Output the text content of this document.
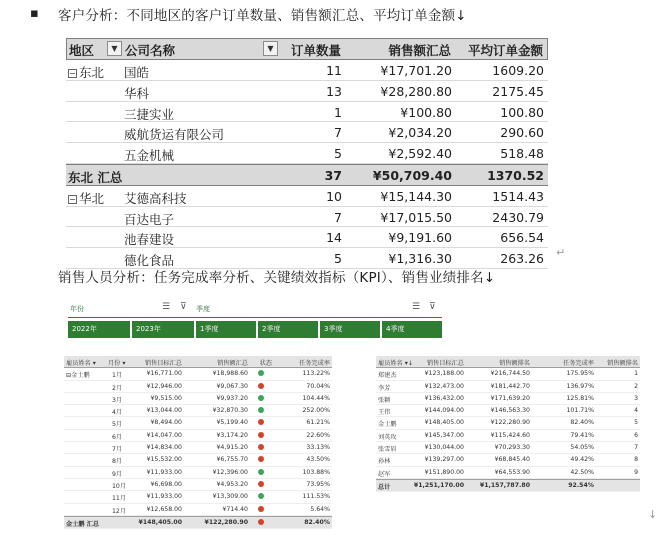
▪ 客户分析：不同地区的客户订单数量、销售额汇总、平均订单金额↓
地区	▼ 公司名称	▼	订单数量	销售额汇总 平均订单金额
− 东北 国皓	11	¥17,701.20	1609.20
华科	13	¥28,280.80	2175.45
三捷实业	1	¥100.80	100.80
威航货运有限公司	7	¥2,034.20	290.60
五金机械	5	¥2,592.40	518.48
东北 汇总	37 ¥50,709.40	1370.52
− 华北 艾德高科技	10	¥15,144.30	1514.43
百达电子	7	¥17,015.50	2430.79
池春建设	14	¥9,191.60	656.54
德化食品	5	¥1,316.30	263.26 ↵
销售人员分析：任务完成率分析、关键绩效指标（KPI）、销售业绩排名↓
年份	☰ ⊽
2022年	2023年
季度	☰ ⊽
1季度	2季度	3季度	4季度
雇员姓名 ▾ 月份 ▾	销售目标汇总	销售额汇总 状态	任务完成率
⊟金士鹏	1月	¥16,771.00	¥18,988.60	113.22%
2月	¥12,946.00	¥9,067.30	70.04%
3月	¥9,515.00	¥9,937.20	104.44%
4月	¥13,044.00	¥32,870.30	252.00%
5月	¥8,494.00	¥5,199.40	61.21%
6月	¥14,047.00	¥3,174.20	22.60%
7月	¥14,834.00	¥4,915.20	33.13%
8月	¥15,532.00	¥6,755.70	43.50%
9月	¥11,933.00	¥12,396.00	103.88%
10月	¥6,698.00	¥4,953.20	73.95%
11月	¥11,933.00	¥13,309.00	111.53%
12月	¥12,658.00	¥714.40	5.64%
金士鹏 汇总	¥148,405.00	¥122,280.90	82.40%
雇员姓名 ▾↓ 销售目标汇总	销售额排名	任务完成率 销售额排名
郑建杰	¥123,188.00	¥216,744.50	175.95%	1
李芳	¥132,473.00	¥181,442.70	136.97%	2
张颖	¥136,432.00	¥171,639.20	125.81%	3
王伟	¥144,094.00	¥146,563.30	101.71%	4
金士鹏	¥148,405.00	¥122,280.90	82.40%	5
刘英玫	¥145,347.00	¥115,424.60	79.41%	6
张雪眉	¥130,044.00	¥70,293.30	54.05%	7
孙林	¥139,297.00	¥68,845.40	49.42%	8
赵军	¥151,890.00	¥64,553.90	42.50%	9
总计	¥1,251,170.00	¥1,157,787.80	92.54%
↓
